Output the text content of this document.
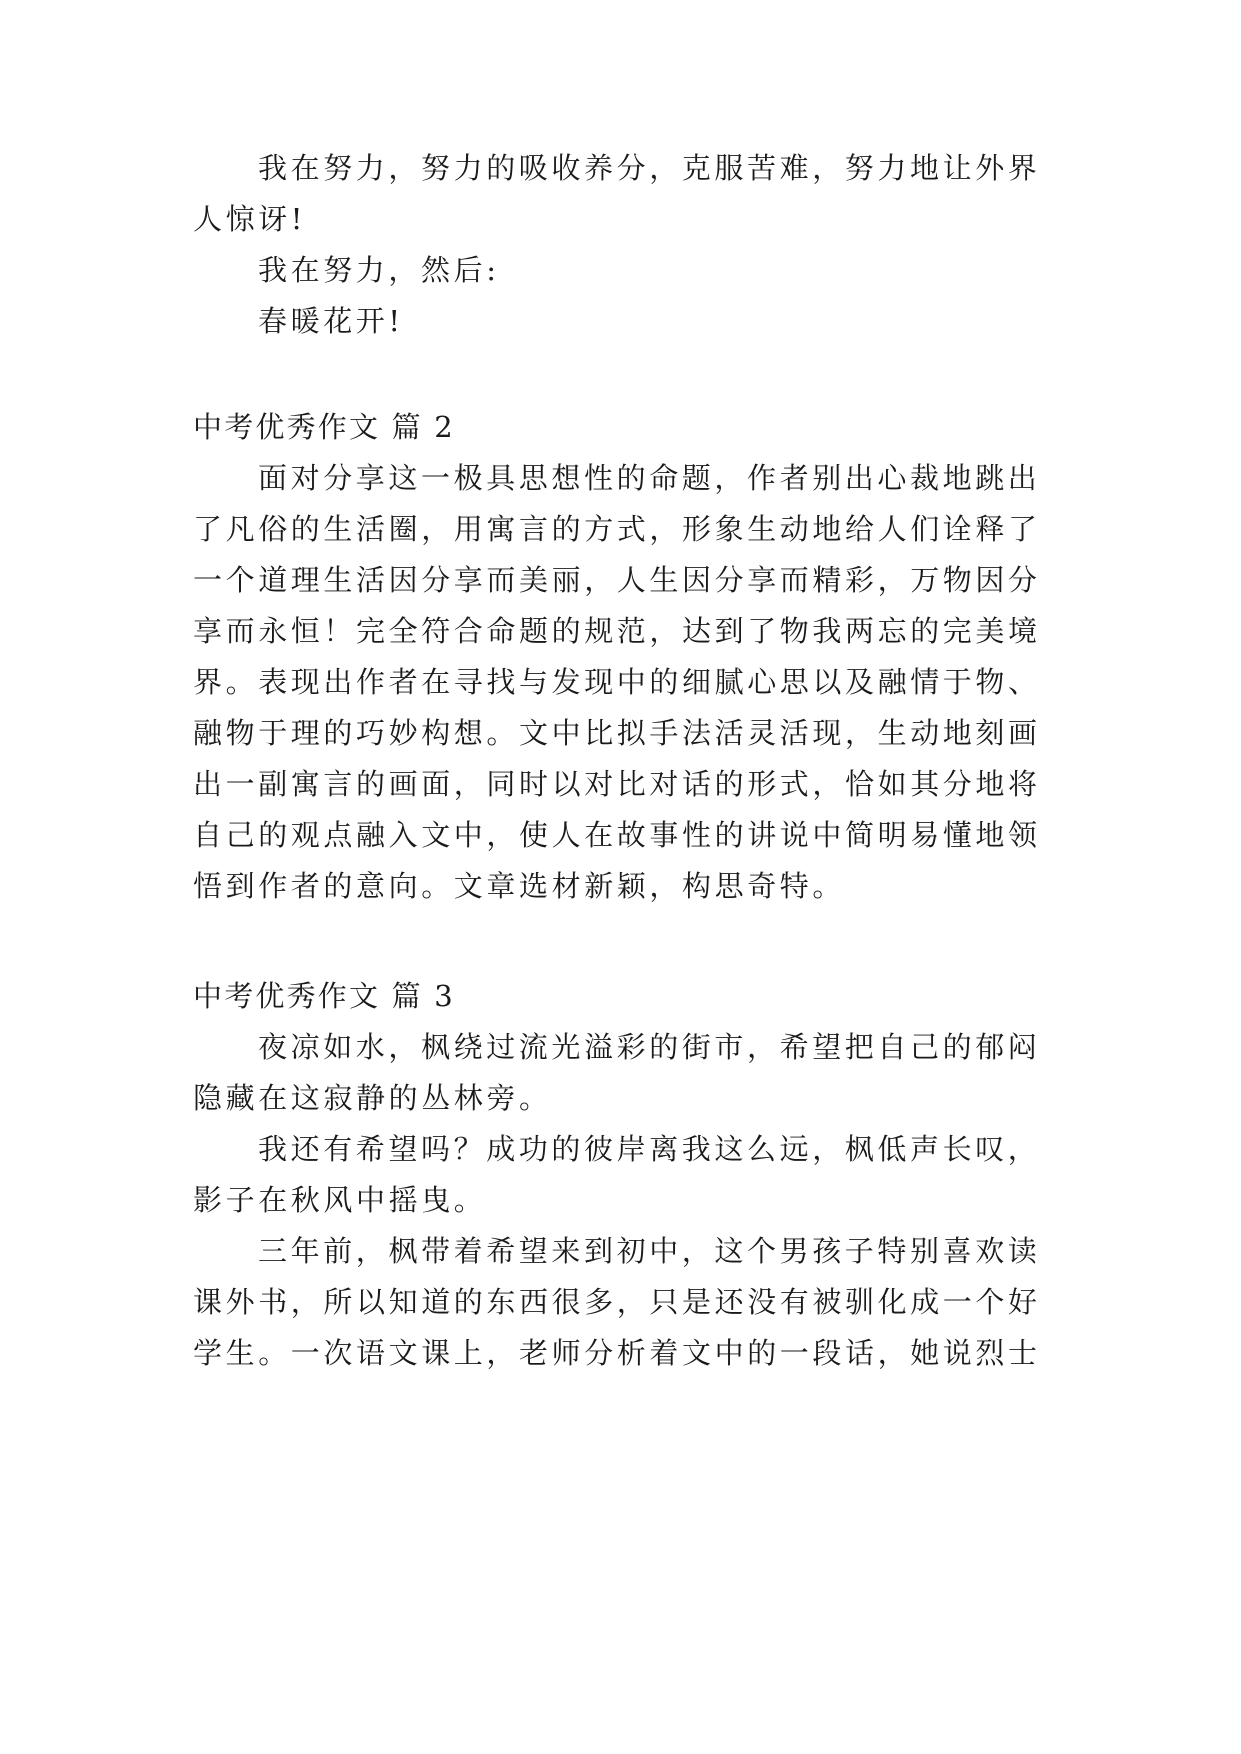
我在努力，努力的吸收养分，克服苦难，努力地让外界
人惊讶!
我在努力，然后:
春暖花开!
中考优秀作文 篇 2
面对分享这一极具思想性的命题，作者别出心裁地跳出
了凡俗的生活圈，用寓言的方式，形象生动地给人们诠释了
一个道理生活因分享而美丽，人生因分享而精彩，万物因分
享而永恒！完全符合命题的规范，达到了物我两忘的完美境
界。表现出作者在寻找与发现中的细腻心思以及融情于物、
融物于理的巧妙构想。文中比拟手法活灵活现，生动地刻画
出一副寓言的画面，同时以对比对话的形式，恰如其分地将
自己的观点融入文中，使人在故事性的讲说中简明易懂地领
悟到作者的意向。文章选材新颖，构思奇特。
中考优秀作文 篇 3
夜凉如水，枫绕过流光溢彩的街市，希望把自己的郁闷
隐藏在这寂静的丛林旁。
我还有希望吗？成功的彼岸离我这么远，枫低声长叹，
影子在秋风中摇曳。
三年前，枫带着希望来到初中，这个男孩子特别喜欢读
课外书，所以知道的东西很多，只是还没有被驯化成一个好
学生。一次语文课上，老师分析着文中的一段话，她说烈士
